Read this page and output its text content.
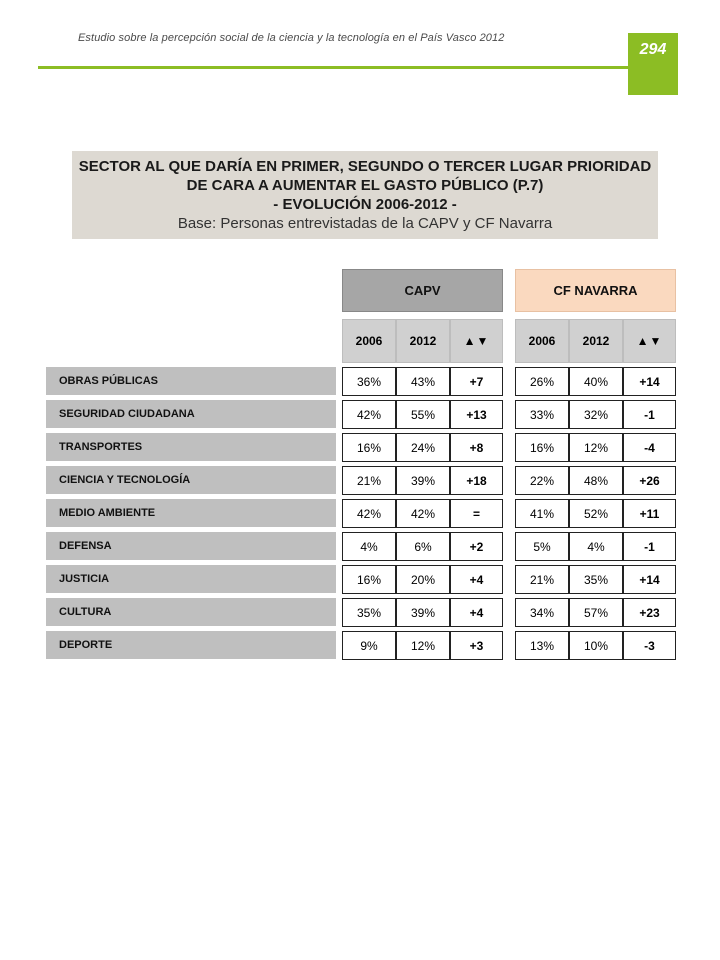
Estudio sobre la percepción social de la ciencia y la tecnología en el País Vasco 2012
294
SECTOR AL QUE DARÍA EN PRIMER, SEGUNDO O TERCER LUGAR PRIORIDAD
DE CARA A AUMENTAR EL GASTO PÚBLICO (P.7)
- EVOLUCIÓN 2006-2012 -
Base: Personas entrevistadas de la CAPV y CF Navarra
CAPV	CF NAVARRA
2006	2012	▲▼	2006	2012	▲▼
OBRAS PÚBLICAS	36%	43%	+7	26%	40%	+14
SEGURIDAD CIUDADANA	42%	55%	+13	33%	32%	-1
TRANSPORTES	16%	24%	+8	16%	12%	-4
CIENCIA Y TECNOLOGÍA	21%	39%	+18	22%	48%	+26
MEDIO AMBIENTE	42%	42%	=	41%	52%	+11
DEFENSA	4%	6%	+2	5%	4%	-1
JUSTICIA	16%	20%	+4	21%	35%	+14
CULTURA	35%	39%	+4	34%	57%	+23
DEPORTE	9%	12%	+3	13%	10%	-3
